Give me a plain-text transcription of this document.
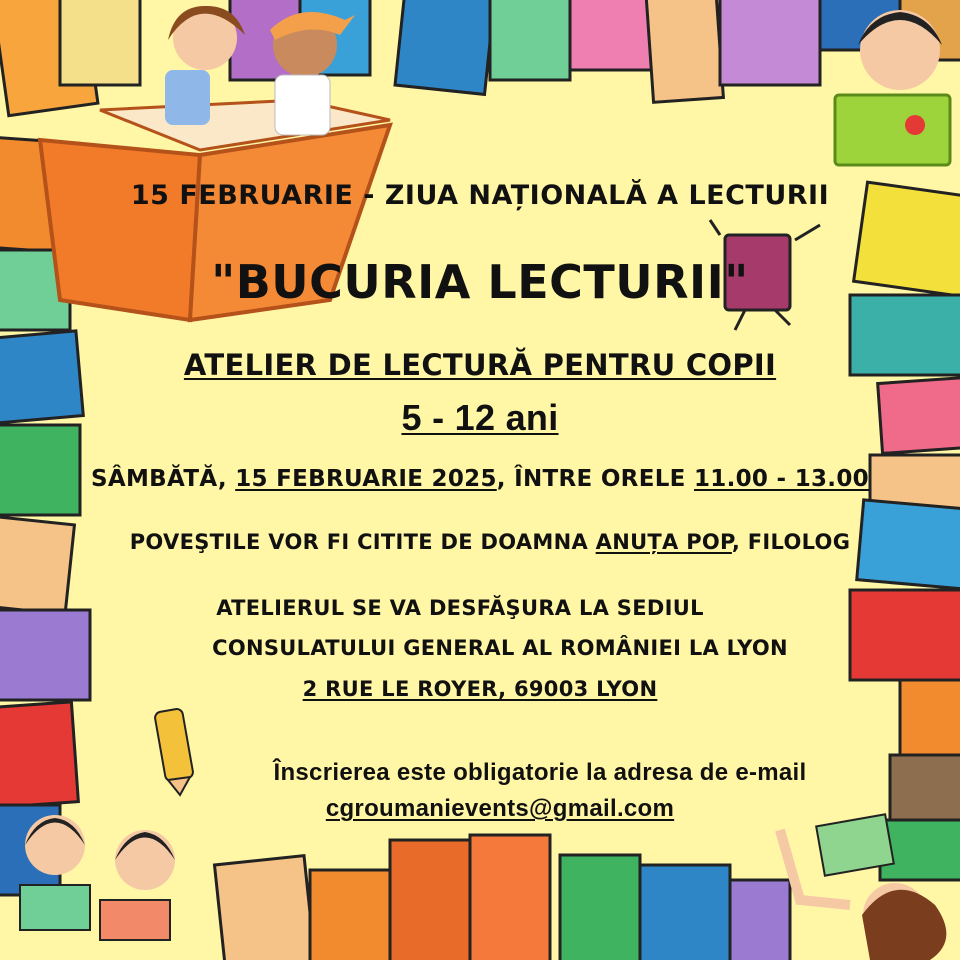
15 FEBRUARIE - ZIUA NAȚIONALĂ A LECTURII
"BUCURIA LECTURII"
ATELIER DE LECTURĂ PENTRU COPII
5 - 12 ani
SÂMBĂTĂ, 15 FEBRUARIE 2025, ÎNTRE ORELE 11.00 - 13.00
POVEŞTILE VOR FI CITITE DE DOAMNA ANUȚA POP, FILOLOG
ATELIERUL SE VA DESFĂŞURA LA SEDIUL
CONSULATULUI GENERAL AL ROMÂNIEI LA LYON
2 RUE LE ROYER, 69003 LYON
Înscrierea este obligatorie la adresa de e-mail
cgroumanievents@gmail.com
